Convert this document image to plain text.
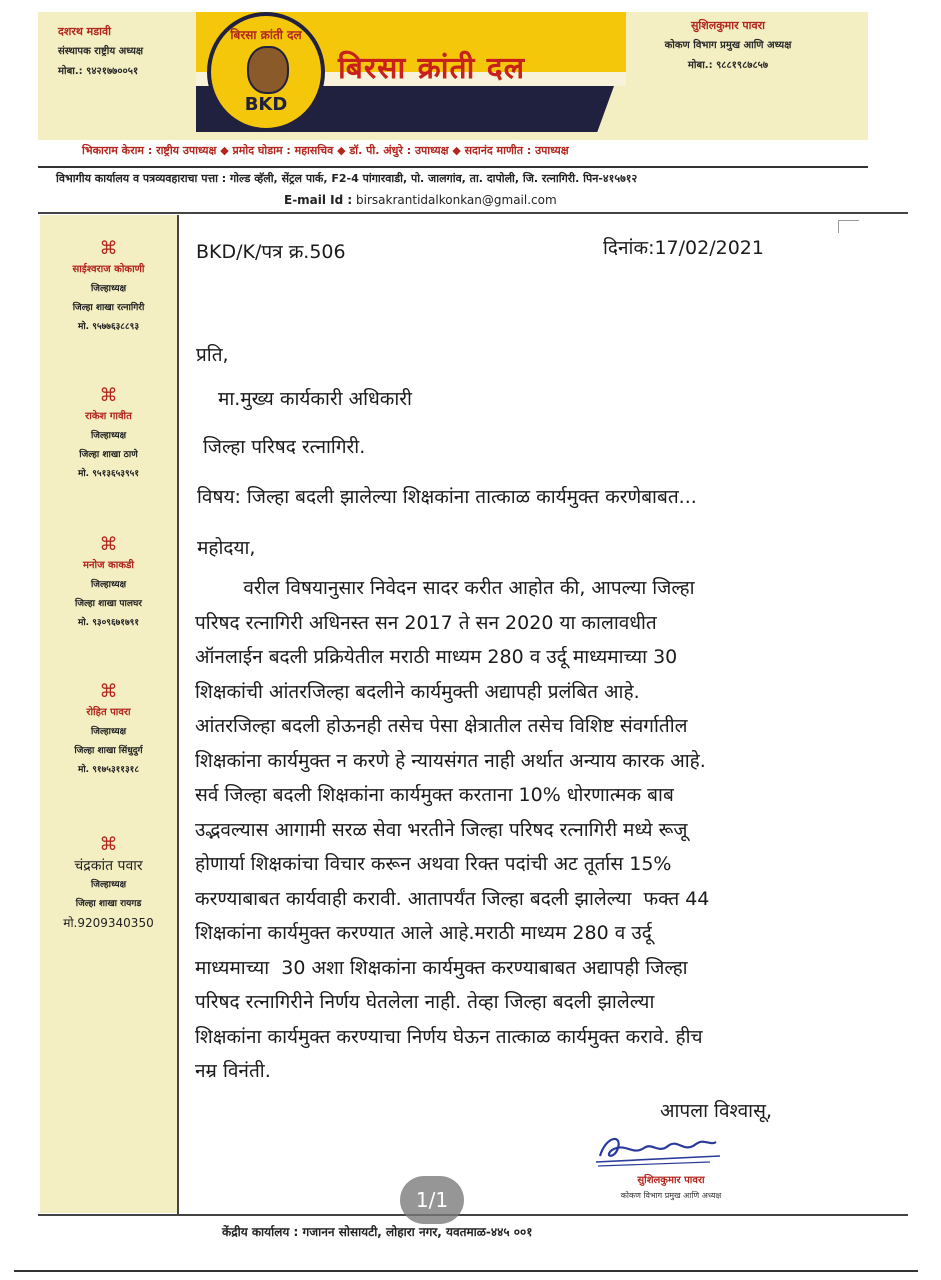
दशरथ मडावी
संस्थापक राष्ट्रीय अध्यक्ष
मोबा.: ९४२१७७००५१
बिरसा क्रांती दल
BKD
बिरसा क्रांती दल
सुशिलकुमार पावरा
कोकण विभाग प्रमुख आणि अध्यक्ष
मोबा.: ९८८१९८७८५७
भिकाराम केराम : राष्ट्रीय उपाध्यक्ष ◆ प्रमोद घोडाम : महासचिव ◆ डॉ. पी. अंधुरे : उपाध्यक्ष ◆ सदानंद माणीत : उपाध्यक्ष
विभागीय कार्यालय व पत्रव्यवहाराचा पत्ता : गोल्ड व्हॅली, सेंट्रल पार्क, F2-4 पांगारवाडी, पो. जालगांव, ता. दापोली, जि. रत्नागिरी. पिन-४१५७१२
E-mail Id : birsakrantidalkonkan@gmail.com
⌘
साईश्वराज कोकाणी
जिल्हाध्यक्ष
जिल्हा शाखा रत्नागिरी
मो. ९५७७६३८८९३
⌘
राकेश गावीत
जिल्हाध्यक्ष
जिल्हा शाखा ठाणे
मो. ९५१३६५३९५१
⌘
मनोज काकडी
जिल्हाध्यक्ष
जिल्हा शाखा पालघर
मो. ९३०९६७१७९१
⌘
रोहित पावरा
जिल्हाध्यक्ष
जिल्हा शाखा सिंधुदुर्ग
मो. ९१७५३११३१८
⌘
चंद्रकांत पवार
जिल्हाध्यक्ष
जिल्हा शाखा रायगड
मो.9209340350
BKD/K/पत्र क्र.506	दिनांक:17/02/2021
प्रति,
मा.मुख्य कार्यकारी अधिकारी
जिल्हा परिषद रत्नागिरी.
विषय: जिल्हा बदली झालेल्या शिक्षकांना तात्काळ कार्यमुक्त करणेबाबत...
महोदया,
वरील विषयानुसार निवेदन सादर करीत आहोत की, आपल्या जिल्हा
परिषद रत्नागिरी अधिनस्त सन 2017 ते सन 2020 या कालावधीत
ऑनलाईन बदली प्रक्रियेतील मराठी माध्यम 280 व उर्दू माध्यमाच्या 30
शिक्षकांची आंतरजिल्हा बदलीने कार्यमुक्ती अद्यापही प्रलंबित आहे.
आंतरजिल्हा बदली होऊनही तसेच पेसा क्षेत्रातील तसेच विशिष्ट संवर्गातील
शिक्षकांना कार्यमुक्त न करणे हे न्यायसंगत नाही अर्थात अन्याय कारक आहे.
सर्व जिल्हा बदली शिक्षकांना कार्यमुक्त करताना 10% धोरणात्मक बाब
उद्भवल्यास आगामी सरळ सेवा भरतीने जिल्हा परिषद रत्नागिरी मध्ये रूजू
होणार्या शिक्षकांचा विचार करून अथवा रिक्त पदांची अट तूर्तास 15%
करण्याबाबत कार्यवाही करावी. आतापर्यंत जिल्हा बदली झालेल्या  फक्त 44
शिक्षकांना कार्यमुक्त करण्यात आले आहे.मराठी माध्यम 280 व उर्दू
माध्यमाच्या  30 अशा शिक्षकांना कार्यमुक्त करण्याबाबत अद्यापही जिल्हा
परिषद रत्नागिरीने निर्णय घेतलेला नाही. तेव्हा जिल्हा बदली झालेल्या
शिक्षकांना कार्यमुक्त करण्याचा निर्णय घेऊन तात्काळ कार्यमुक्त करावे. हीच
नम्र विनंती.
आपला विश्वासू,
सुशिलकुमार पावरा
कोकण विभाग प्रमुख आणि अध्यक्ष
केंद्रीय कार्यालय : गजानन सोसायटी, लोहारा नगर, यवतमाळ-४४५ ००१
1/1
